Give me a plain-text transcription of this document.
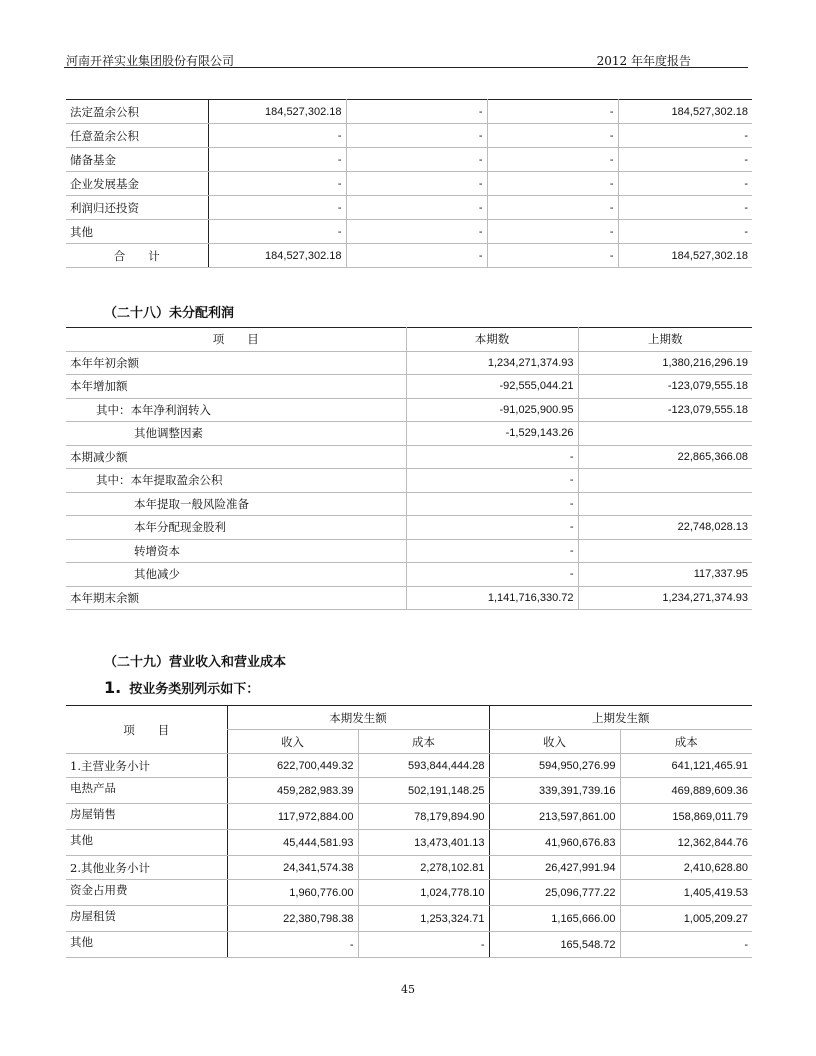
河南开祥实业集团股份有限公司	2012 年年度报告
法定盈余公积	184,527,302.18	-	-	184,527,302.18
任意盈余公积	-	-	-	-
储备基金	-	-	-	-
企业发展基金	-	-	-	-
利润归还投资	-	-	-	-
其他	-	-	-	-
合　　计	184,527,302.18	-	-	184,527,302.18
（二十八）未分配利润
项　　目	本期数	上期数
本年年初余额	1,234,271,374.93	1,380,216,296.19
本年增加额	-92,555,044.21	-123,079,555.18
其中：本年净利润转入	-91,025,900.95	-123,079,555.18
其他调整因素	-1,529,143.26	
本期减少额	-	22,865,366.08
其中：本年提取盈余公积	-	
本年提取一般风险准备	-	
本年分配现金股利	-	22,748,028.13
转增资本	-	
其他减少	-	117,337.95
本年期末余额	1,141,716,330.72	1,234,271,374.93
（二十九）营业收入和营业成本
1. 按业务类别列示如下：
项　　目	本期发生额		上期发生额	
	收入	成本	收入	成本
1.主营业务小计	622,700,449.32	593,844,444.28	594,950,276.99	641,121,465.91
电热产品	459,282,983.39	502,191,148.25	339,391,739.16	469,889,609.36
房屋销售	117,972,884.00	78,179,894.90	213,597,861.00	158,869,011.79
其他	45,444,581.93	13,473,401.13	41,960,676.83	12,362,844.76
2.其他业务小计	24,341,574.38	2,278,102.81	26,427,991.94	2,410,628.80
资金占用费	1,960,776.00	1,024,778.10	25,096,777.22	1,405,419.53
房屋租赁	22,380,798.38	1,253,324.71	1,165,666.00	1,005,209.27
其他	-	-	165,548.72	-
45
